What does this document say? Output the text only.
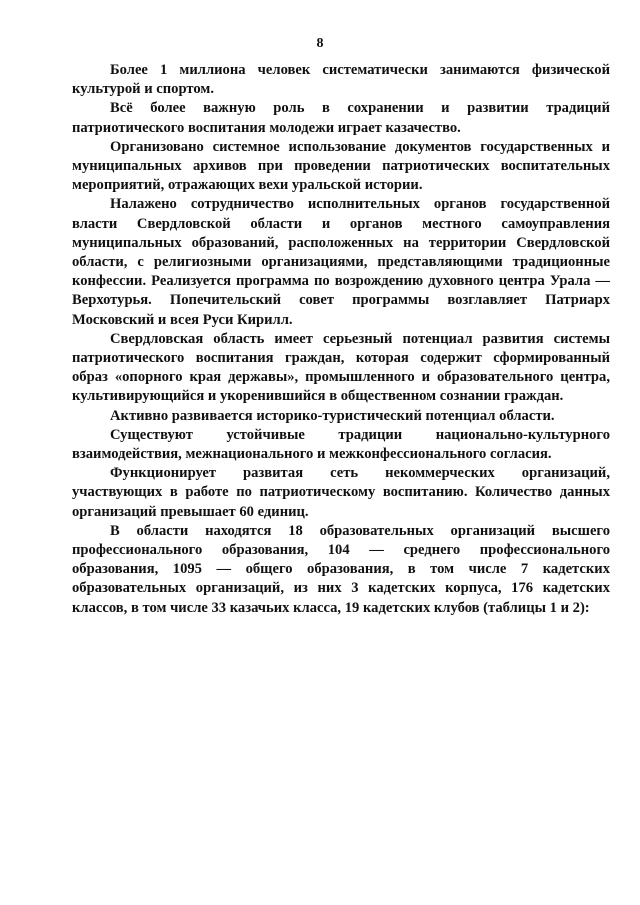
8

Более 1 миллиона человек систематически занимаются физической культурой и спортом.

Всё более важную роль в сохранении и развитии традиций патриотического воспитания молодежи играет казачество.

Организовано системное использование документов государственных и муниципальных архивов при проведении патриотических воспитательных мероприятий, отражающих вехи уральской истории.

Налажено сотрудничество исполнительных органов государственной власти Свердловской области и органов местного самоуправления муниципальных образований, расположенных на территории Свердловской области, с религиозными организациями, представляющими традиционные конфессии. Реализуется программа по возрождению духовного центра Урала — Верхотурья. Попечительский совет программы возглавляет Патриарх Московский и всея Руси Кирилл.

Свердловская область имеет серьезный потенциал развития системы патриотического воспитания граждан, которая содержит сформированный образ «опорного края державы», промышленного и образовательного центра, культивирующийся и укоренившийся в общественном сознании граждан.

Активно развивается историко-туристический потенциал области.

Существуют устойчивые традиции национально-культурного взаимодействия, межнационального и межконфессионального согласия.

Функционирует развитая сеть некоммерческих организаций, участвующих в работе по патриотическому воспитанию. Количество данных организаций превышает 60 единиц.

В области находятся 18 образовательных организаций высшего профессионального образования, 104 — среднего профессионального образования, 1095 — общего образования, в том числе 7 кадетских образовательных организаций, из них 3 кадетских корпуса, 176 кадетских классов, в том числе 33 казачьих класса, 19 кадетских клубов (таблицы 1 и 2):
